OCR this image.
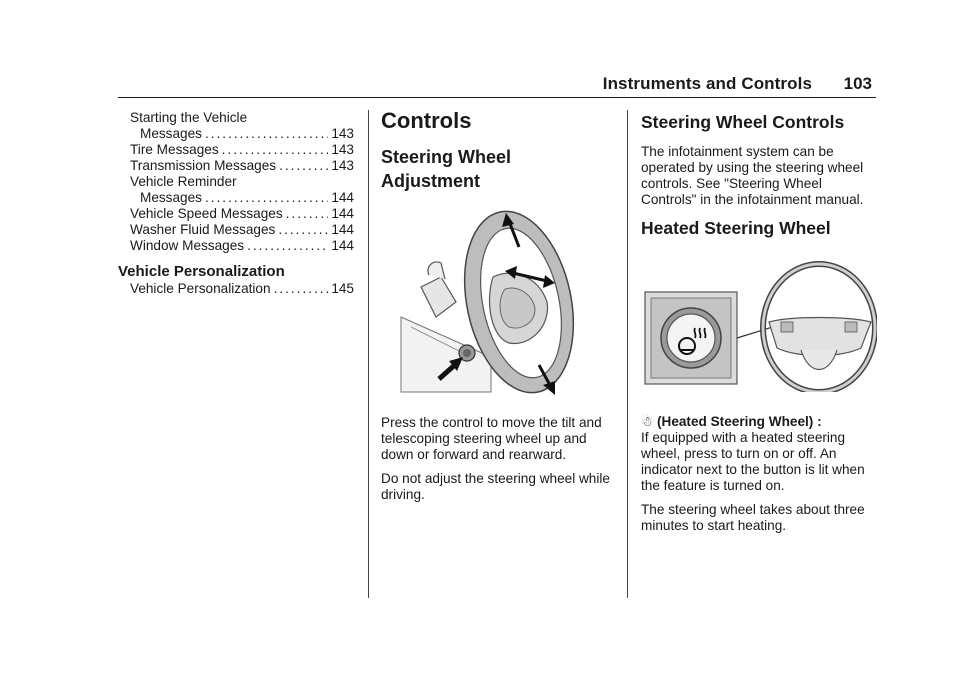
Instruments and Controls 103
Starting the Vehicle
Messages .....	143
Tire Messages .....	143
Transmission Messages .....	143
Vehicle Reminder
Messages .....	144
Vehicle Speed Messages .....	144
Washer Fluid Messages .....	144
Window Messages .....	144
Vehicle Personalization
Vehicle Personalization .....	145
Controls
Steering Wheel Adjustment
Press the control to move the tilt and telescoping steering wheel up and down or forward and rearward.
Do not adjust the steering wheel while driving.
Steering Wheel Controls
The infotainment system can be operated by using the steering wheel controls. See "Steering Wheel Controls" in the infotainment manual.
Heated Steering Wheel
☃ (Heated Steering Wheel) :
If equipped with a heated steering wheel, press to turn on or off. An indicator next to the button is lit when the feature is turned on.
The steering wheel takes about three minutes to start heating.
